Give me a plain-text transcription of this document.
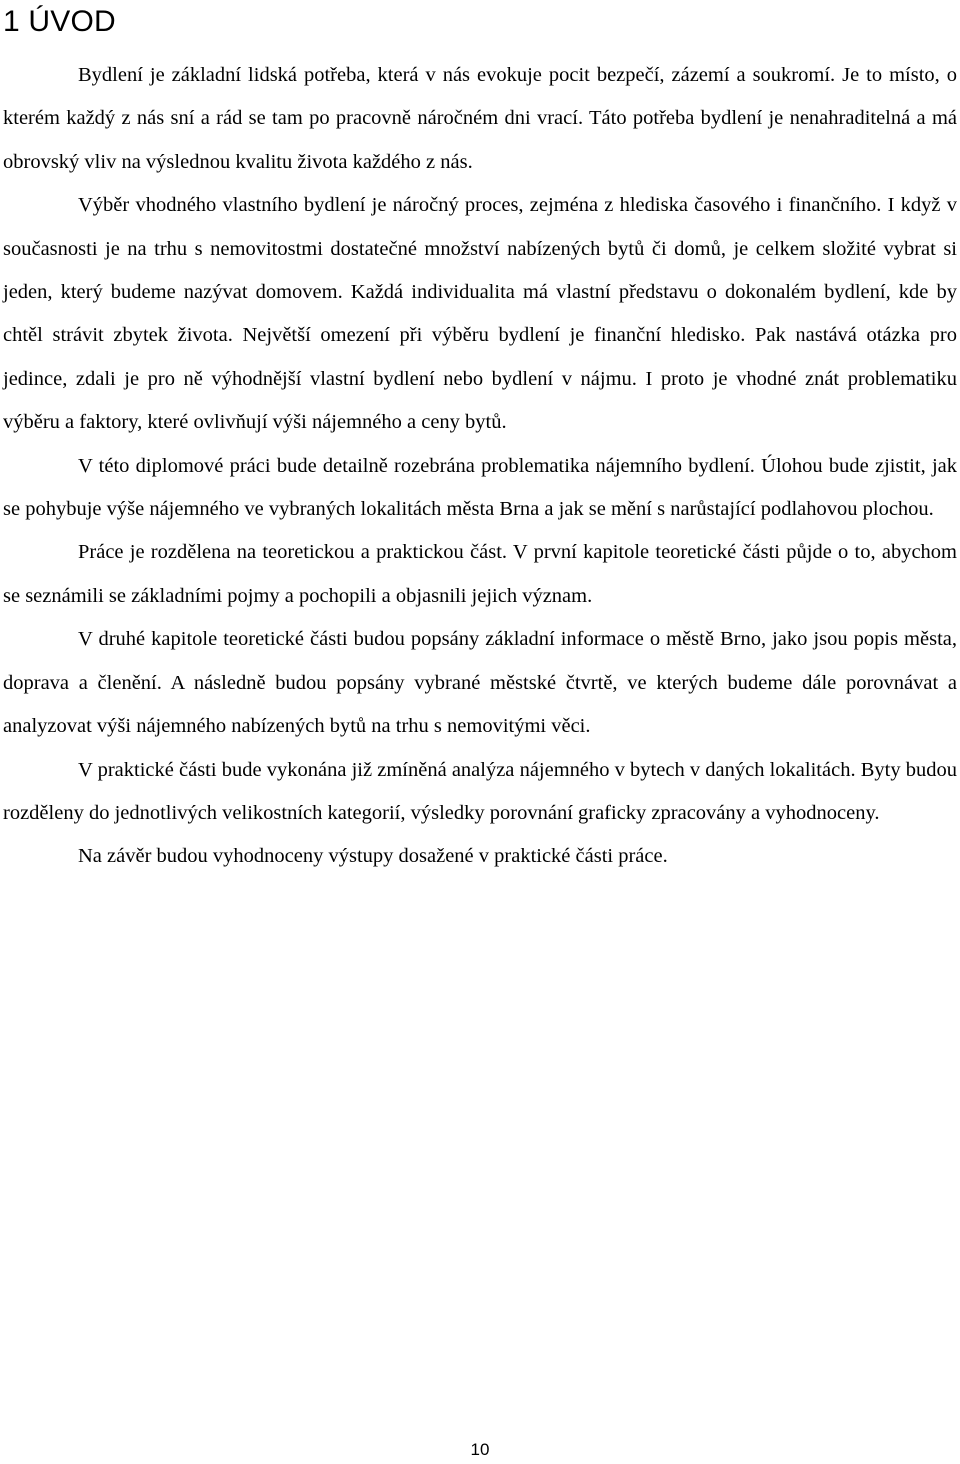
1 ÚVOD

Bydlení je základní lidská potřeba, která v nás evokuje pocit bezpečí, zázemí a soukromí. Je to místo, o kterém každý z nás sní a rád se tam po pracovně náročném dni vrací. Táto potřeba bydlení je nenahraditelná a má obrovský vliv na výslednou kvalitu života každého z nás.

Výběr vhodného vlastního bydlení je náročný proces, zejména z hlediska časového i finančního. I když v současnosti je na trhu s nemovitostmi dostatečné množství nabízených bytů či domů, je celkem složité vybrat si jeden, který budeme nazývat domovem. Každá individualita má vlastní představu o dokonalém bydlení, kde by chtěl strávit zbytek života. Největší omezení při výběru bydlení je finanční hledisko. Pak nastává otázka pro jedince, zdali je pro ně výhodnější vlastní bydlení nebo bydlení v nájmu. I proto je vhodné znát problematiku výběru a faktory, které ovlivňují výši nájemného a ceny bytů.

V této diplomové práci bude detailně rozebrána problematika nájemního bydlení. Úlohou bude zjistit, jak se pohybuje výše nájemného ve vybraných lokalitách města Brna a jak se mění s narůstající podlahovou plochou.

Práce je rozdělena na teoretickou a praktickou část. V první kapitole teoretické části půjde o to, abychom se seznámili se základními pojmy a pochopili a objasnili jejich význam.

V druhé kapitole teoretické části budou popsány základní informace o městě Brno, jako jsou popis města, doprava a členění. A následně budou popsány vybrané městské čtvrtě, ve kterých budeme dále porovnávat a analyzovat výši nájemného nabízených bytů na trhu s nemovitými věci.

V praktické části bude vykonána již zmíněná analýza nájemného v bytech v daných lokalitách. Byty budou rozděleny do jednotlivých velikostních kategorií, výsledky porovnání graficky zpracovány a vyhodnoceny.

Na závěr budou vyhodnoceny výstupy dosažené v praktické části práce.

10
